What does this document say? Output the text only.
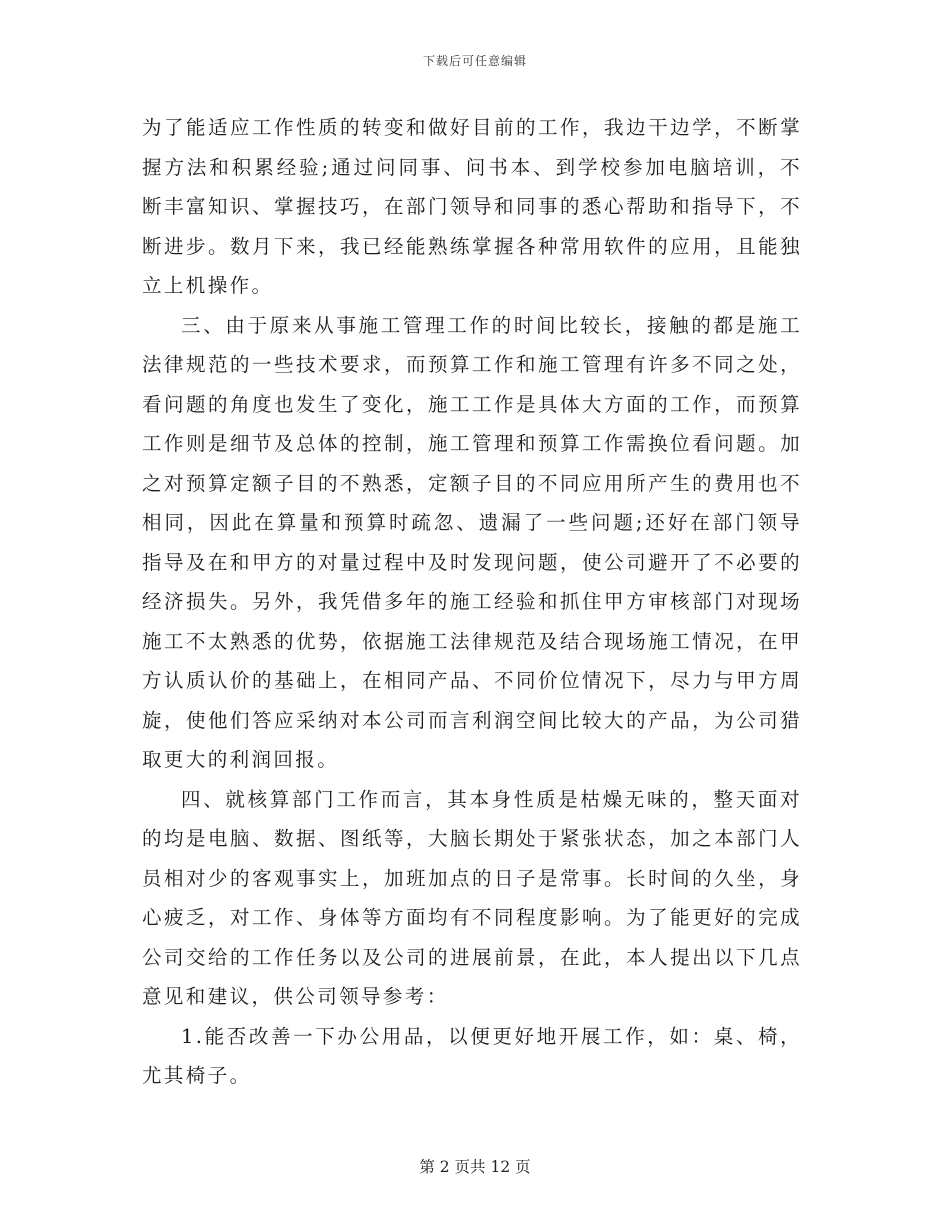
下载后可任意编辑

为了能适应工作性质的转变和做好目前的工作，我边干边学，不断掌握方法和积累经验;通过问同事、问书本、到学校参加电脑培训，不断丰富知识、掌握技巧，在部门领导和同事的悉心帮助和指导下，不断进步。数月下来，我已经能熟练掌握各种常用软件的应用，且能独立上机操作。

三、由于原来从事施工管理工作的时间比较长，接触的都是施工法律规范的一些技术要求，而预算工作和施工管理有许多不同之处，看问题的角度也发生了变化，施工工作是具体大方面的工作，而预算工作则是细节及总体的控制，施工管理和预算工作需换位看问题。加之对预算定额子目的不熟悉，定额子目的不同应用所产生的费用也不相同，因此在算量和预算时疏忽、遗漏了一些问题;还好在部门领导指导及在和甲方的对量过程中及时发现问题，使公司避开了不必要的经济损失。另外，我凭借多年的施工经验和抓住甲方审核部门对现场施工不太熟悉的优势，依据施工法律规范及结合现场施工情况，在甲方认质认价的基础上，在相同产品、不同价位情况下，尽力与甲方周旋，使他们答应采纳对本公司而言利润空间比较大的产品，为公司猎取更大的利润回报。

四、就核算部门工作而言，其本身性质是枯燥无味的，整天面对的均是电脑、数据、图纸等，大脑长期处于紧张状态，加之本部门人员相对少的客观事实上，加班加点的日子是常事。长时间的久坐，身心疲乏，对工作、身体等方面均有不同程度影响。为了能更好的完成公司交给的工作任务以及公司的进展前景，在此，本人提出以下几点意见和建议，供公司领导参考：

1.能否改善一下办公用品，以便更好地开展工作，如：桌、椅，尤其椅子。

第 2 页共 12 页
